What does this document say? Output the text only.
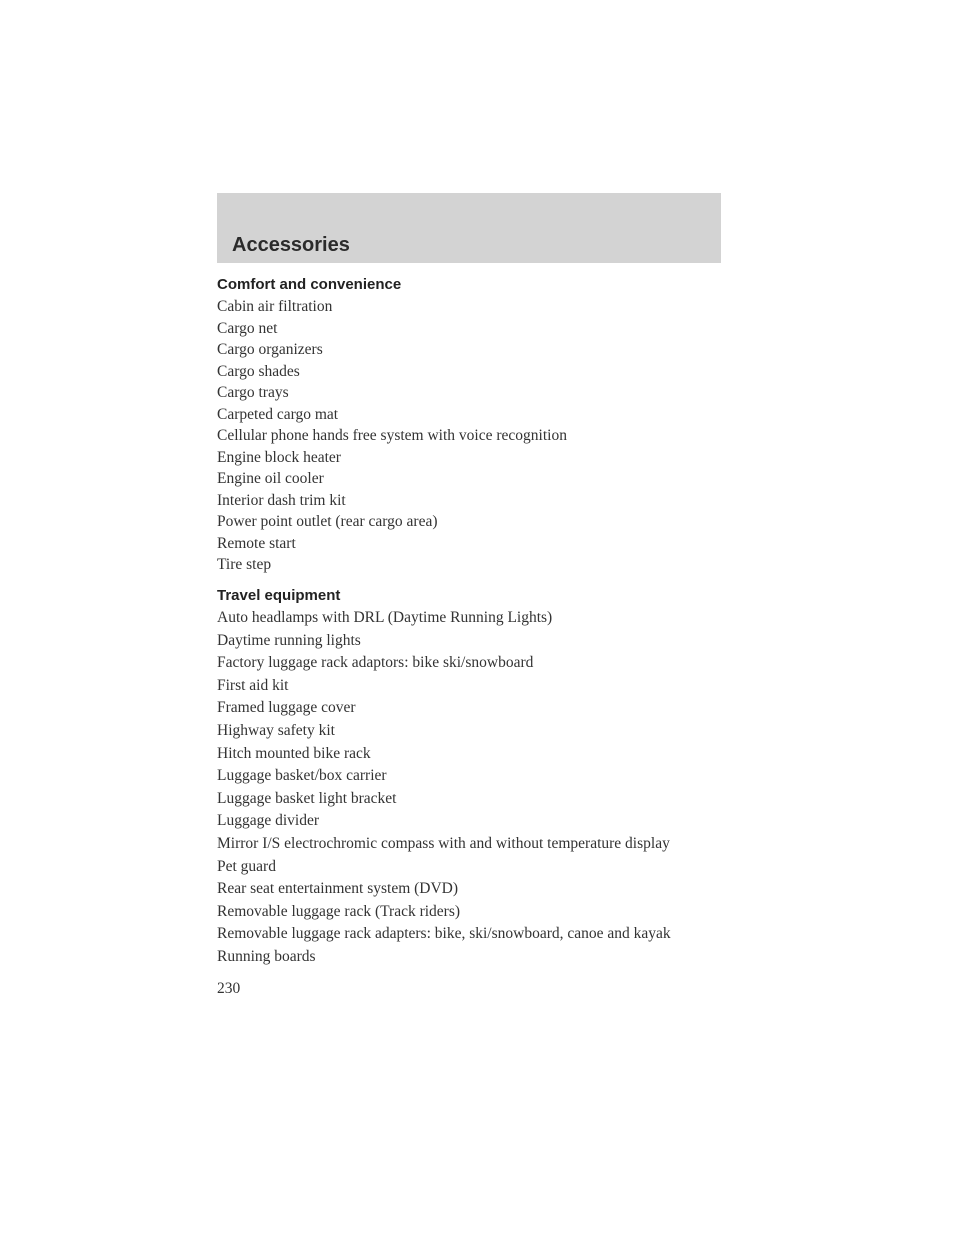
Accessories
Comfort and convenience
Cabin air filtration
Cargo net
Cargo organizers
Cargo shades
Cargo trays
Carpeted cargo mat
Cellular phone hands free system with voice recognition
Engine block heater
Engine oil cooler
Interior dash trim kit
Power point outlet (rear cargo area)
Remote start
Tire step
Travel equipment
Auto headlamps with DRL (Daytime Running Lights)
Daytime running lights
Factory luggage rack adaptors: bike ski/snowboard
First aid kit
Framed luggage cover
Highway safety kit
Hitch mounted bike rack
Luggage basket/box carrier
Luggage basket light bracket
Luggage divider
Mirror I/S electrochromic compass with and without temperature display
Pet guard
Rear seat entertainment system (DVD)
Removable luggage rack (Track riders)
Removable luggage rack adapters: bike, ski/snowboard, canoe and kayak
Running boards
230
